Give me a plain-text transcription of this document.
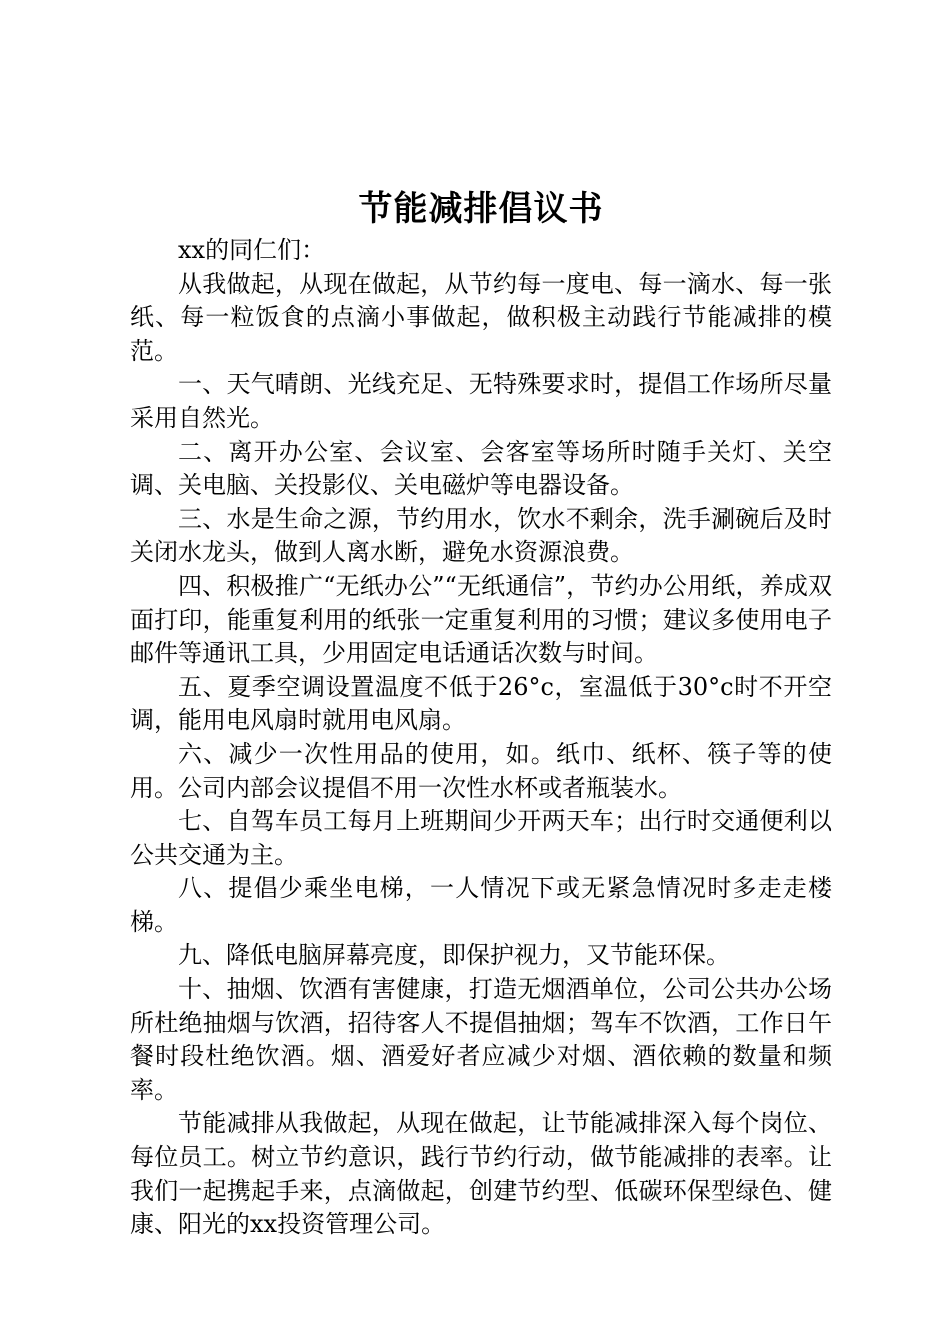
节能减排倡议书

xx的同仁们：

从我做起，从现在做起，从节约每一度电、每一滴水、每一张纸、每一粒饭食的点滴小事做起，做积极主动践行节能减排的模范。

一、天气晴朗、光线充足、无特殊要求时，提倡工作场所尽量采用自然光。

二、离开办公室、会议室、会客室等场所时随手关灯、关空调、关电脑、关投影仪、关电磁炉等电器设备。

三、水是生命之源，节约用水，饮水不剩余，洗手涮碗后及时关闭水龙头，做到人离水断，避免水资源浪费。

四、积极推广“无纸办公”“无纸通信”，节约办公用纸，养成双面打印，能重复利用的纸张一定重复利用的习惯；建议多使用电子邮件等通讯工具，少用固定电话通话次数与时间。

五、夏季空调设置温度不低于26°c，室温低于30°c时不开空调，能用电风扇时就用电风扇。

六、减少一次性用品的使用，如。纸巾、纸杯、筷子等的使用。公司内部会议提倡不用一次性水杯或者瓶装水。

七、自驾车员工每月上班期间少开两天车；出行时交通便利以公共交通为主。

八、提倡少乘坐电梯，一人情况下或无紧急情况时多走走楼梯。

九、降低电脑屏幕亮度，即保护视力，又节能环保。

十、抽烟、饮酒有害健康，打造无烟酒单位，公司公共办公场所杜绝抽烟与饮酒，招待客人不提倡抽烟；驾车不饮酒，工作日午餐时段杜绝饮酒。烟、酒爱好者应减少对烟、酒依赖的数量和频率。

节能减排从我做起，从现在做起，让节能减排深入每个岗位、每位员工。树立节约意识，践行节约行动，做节能减排的表率。让我们一起携起手来，点滴做起，创建节约型、低碳环保型绿色、健康、阳光的xx投资管理公司。
